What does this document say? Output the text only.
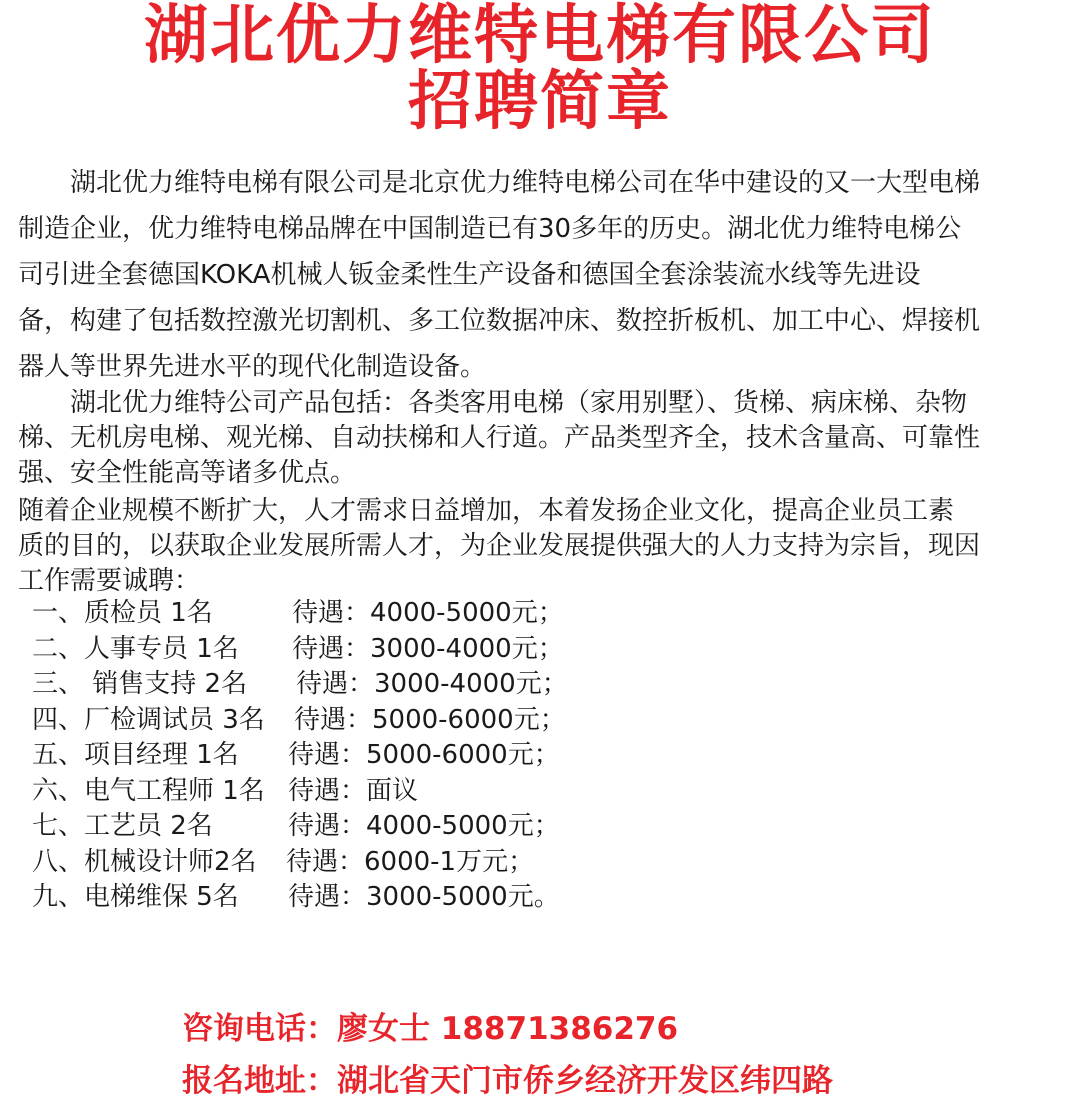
湖北优力维特电梯有限公司
招聘简章

　　湖北优力维特电梯有限公司是北京优力维特电梯公司在华中建设的又一大型电梯

制造企业，优力维特电梯品牌在中国制造已有30多年的历史。湖北优力维特电梯公

司引进全套德国KOKA机械人钣金柔性生产设备和德国全套涂装流水线等先进设

备，构建了包括数控激光切割机、多工位数据冲床、数控折板机、加工中心、焊接机

器人等世界先进水平的现代化制造设备。

　　湖北优力维特公司产品包括：各类客用电梯（家用别墅）、货梯、病床梯、杂物

梯、无机房电梯、观光梯、自动扶梯和人行道。产品类型齐全，技术含量高、可靠性

强、安全性能高等诸多优点。

随着企业规模不断扩大，人才需求日益增加，本着发扬企业文化，提高企业员工素

质的目的，以获取企业发展所需人才，为企业发展提供强大的人力支持为宗旨，现因

工作需要诚聘：

一、质检员 1名	待遇：4000-5000元；
二、人事专员 1名 待遇：3000-4000元；
三、 销售支持 2名 待遇：3000-4000元；
四、厂检调试员 3名 待遇：5000-6000元；
五、项目经理 1名 待遇：5000-6000元；
六、电气工程师 1名 待遇：面议
七、工艺员 2名	待遇：4000-5000元；
八、机械设计师2名 待遇：6000-1万元；
九、电梯维保 5名 待遇：3000-5000元。
咨询电话：廖女士 18871386276
报名地址：湖北省天门市侨乡经济开发区纬四路
